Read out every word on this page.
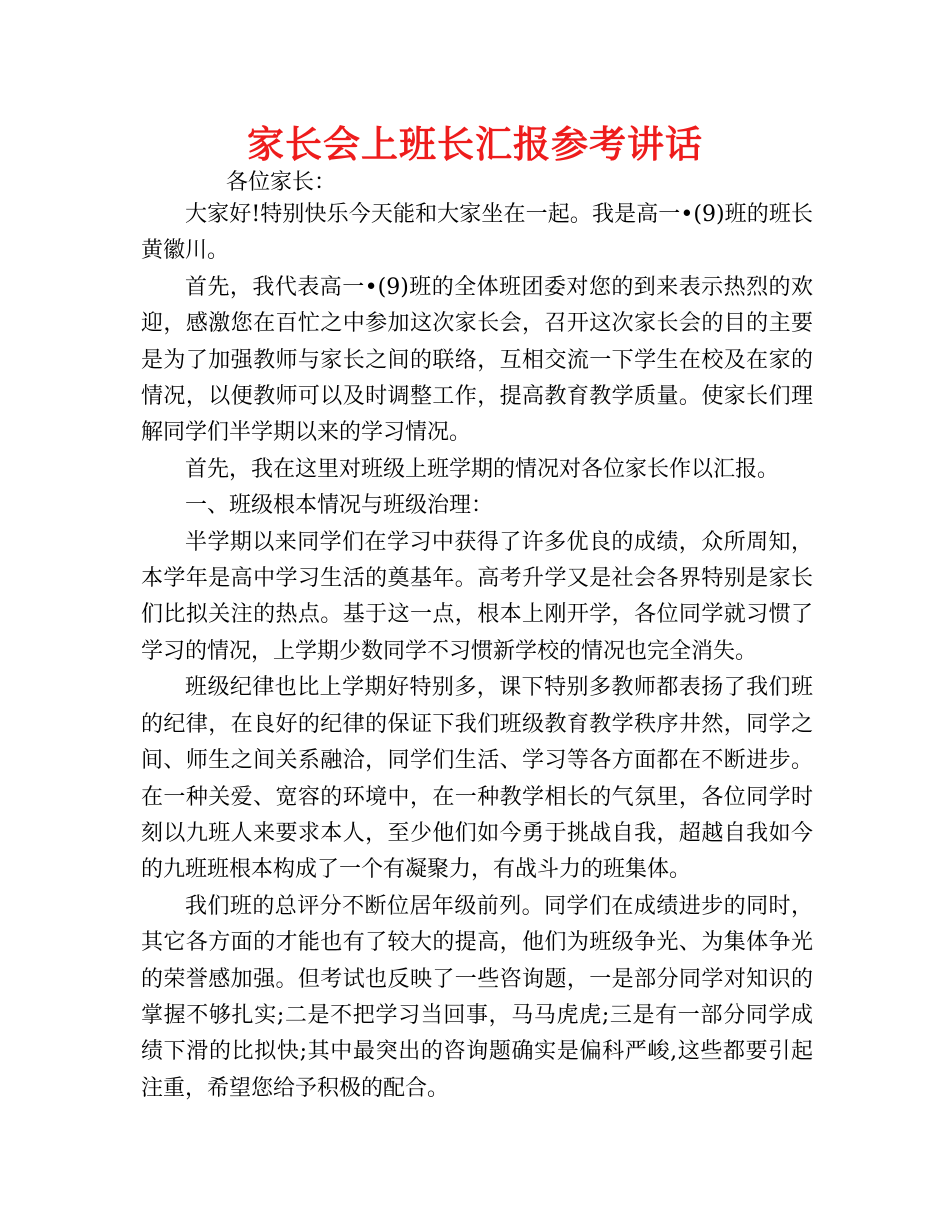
家长会上班长汇报参考讲话
各位家长：

大家好!特别快乐今天能和大家坐在一起。我是高一•(9)班的班长黄徽川。

首先，我代表高一•(9)班的全体班团委对您的到来表示热烈的欢迎，感激您在百忙之中参加这次家长会，召开这次家长会的目的主要是为了加强教师与家长之间的联络，互相交流一下学生在校及在家的情况，以便教师可以及时调整工作，提高教育教学质量。使家长们理解同学们半学期以来的学习情况。

首先，我在这里对班级上班学期的情况对各位家长作以汇报。

一、班级根本情况与班级治理：

半学期以来同学们在学习中获得了许多优良的成绩，众所周知，本学年是高中学习生活的奠基年。高考升学又是社会各界特别是家长们比拟关注的热点。基于这一点，根本上刚开学，各位同学就习惯了学习的情况，上学期少数同学不习惯新学校的情况也完全消失。

班级纪律也比上学期好特别多，课下特别多教师都表扬了我们班的纪律，在良好的纪律的保证下我们班级教育教学秩序井然，同学之间、师生之间关系融洽，同学们生活、学习等各方面都在不断进步。在一种关爱、宽容的环境中，在一种教学相长的气氛里，各位同学时刻以九班人来要求本人，至少他们如今勇于挑战自我，超越自我如今的九班班根本构成了一个有凝聚力，有战斗力的班集体。

我们班的总评分不断位居年级前列。同学们在成绩进步的同时，其它各方面的才能也有了较大的提高，他们为班级争光、为集体争光的荣誉感加强。但考试也反映了一些咨询题，一是部分同学对知识的掌握不够扎实;二是不把学习当回事，马马虎虎;三是有一部分同学成绩下滑的比拟快;其中最突出的咨询题确实是偏科严峻,这些都要引起注重，希望您给予积极的配合。
